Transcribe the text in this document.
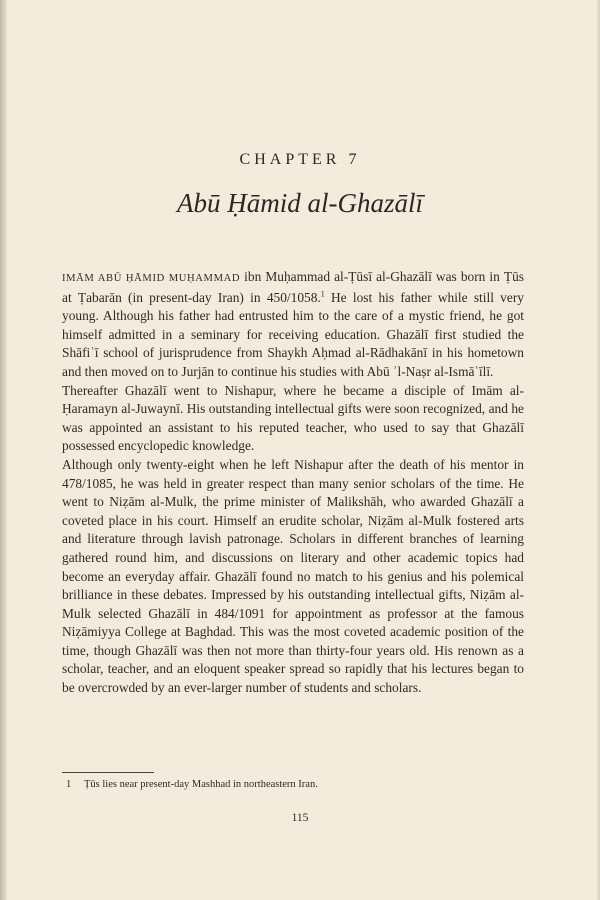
CHAPTER 7
Abū Ḥāmid al-Ghazālī

IMĀM ABŪ ḤĀMID MUḤAMMAD ibn Muḥammad al-Ṭūsī al-Ghazālī was born in Ṭūs at Ṭabarān (in present-day Iran) in 450/1058.$^1$ He lost his father while still very young. Although his father had entrusted him to the care of a mystic friend, he got himself admitted in a seminary for receiving education. Ghazālī first studied the Shāfiʿī school of jurisprudence from Shaykh Aḥmad al-Rādhakānī in his hometown and then moved on to Jurjān to continue his studies with Abū ʾl-Naṣr al-Ismāʿīlī.

Thereafter Ghazālī went to Nishapur, where he became a disciple of Imām al-Ḥaramayn al-Juwaynī. His outstanding intellectual gifts were soon recognized, and he was appointed an assistant to his reputed teacher, who used to say that Ghazālī possessed encyclopedic knowledge.

Although only twenty-eight when he left Nishapur after the death of his mentor in 478/1085, he was held in greater respect than many senior scholars of the time. He went to Niẓām al-Mulk, the prime minister of Malikshāh, who awarded Ghazālī a coveted place in his court. Himself an erudite scholar, Niẓām al-Mulk fostered arts and literature through lavish patronage. Scholars in different branches of learning gathered round him, and discussions on literary and other academic topics had become an everyday affair. Ghazālī found no match to his genius and his polemical brilliance in these debates. Impressed by his outstanding intellectual gifts, Niẓām al-Mulk selected Ghazālī in 484/1091 for appointment as professor at the famous Niẓāmiyya College at Baghdad. This was the most coveted academic position of the time, though Ghazālī was then not more than thirty-four years old. His renown as a scholar, teacher, and an eloquent speaker spread so rapidly that his lectures began to be overcrowded by an ever-larger number of students and scholars.

1 Ṭūs lies near present-day Mashhad in northeastern Iran.
115
